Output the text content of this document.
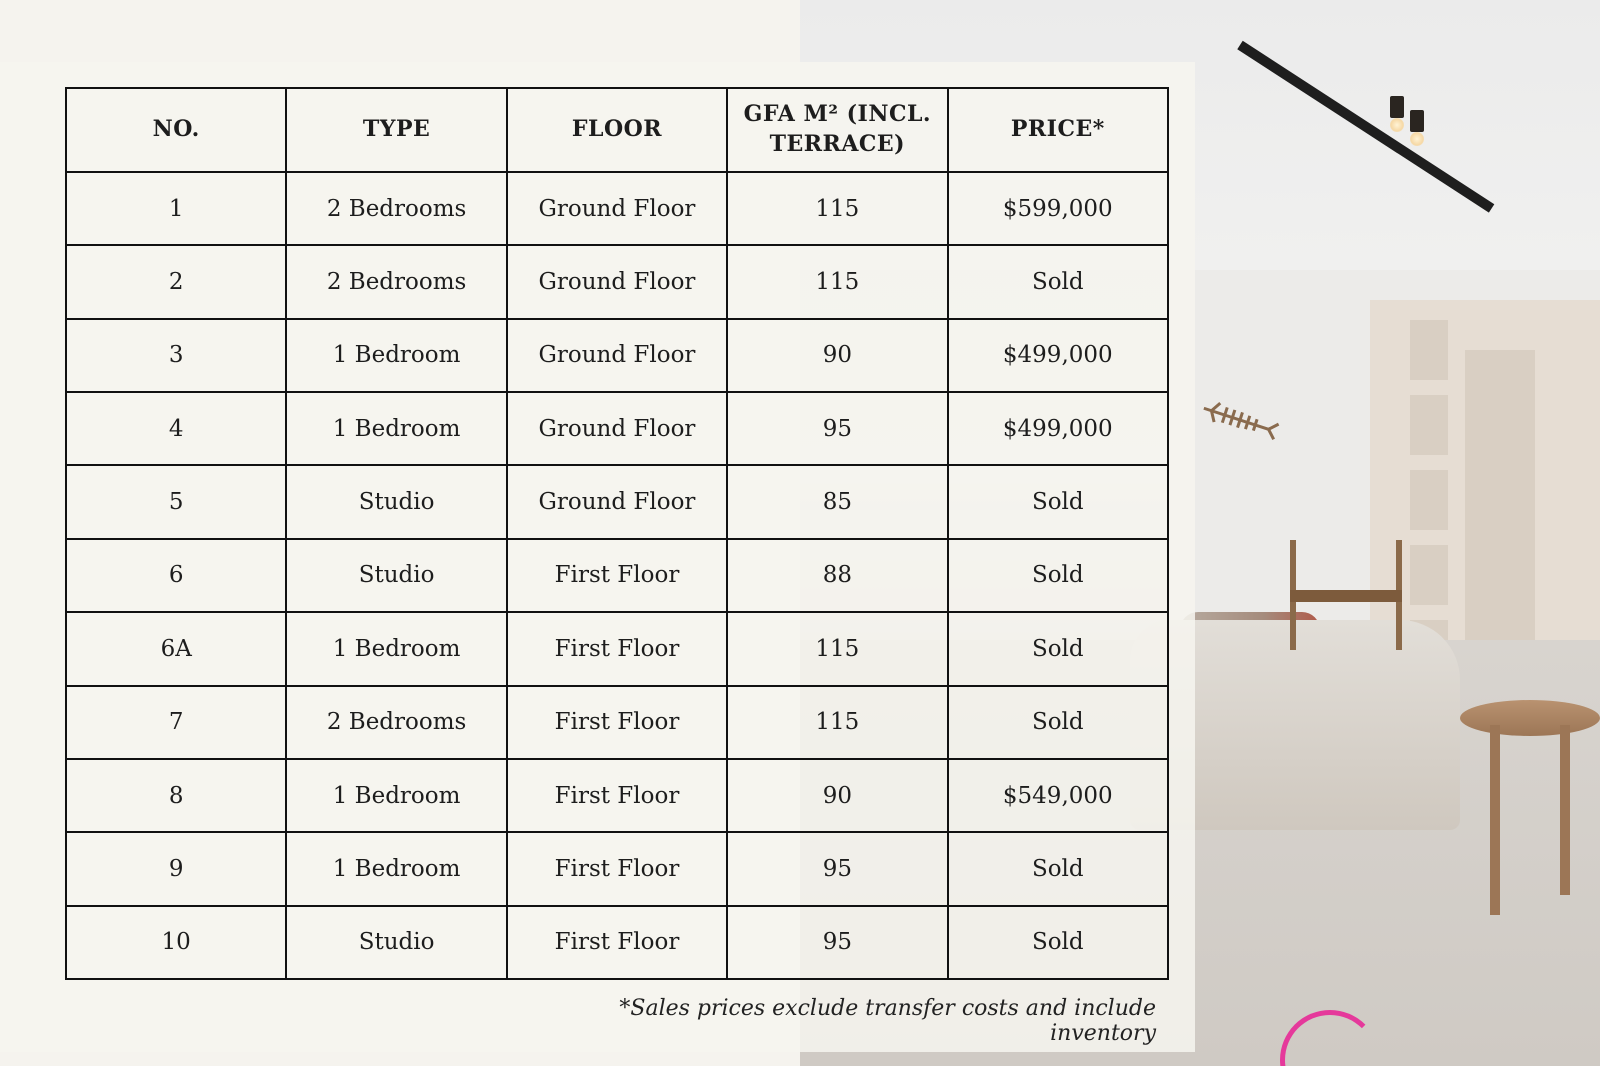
NO.	TYPE	FLOOR	GFA M² (INCL. TERRACE)	PRICE*
1	2 Bedrooms	Ground Floor	115	$599,000
2	2 Bedrooms	Ground Floor	115	Sold
3	1 Bedroom	Ground Floor	90	$499,000
4	1 Bedroom	Ground Floor	95	$499,000
5	Studio	Ground Floor	85	Sold
6	Studio	First Floor	88	Sold
6A	1 Bedroom	First Floor	115	Sold
7	2 Bedrooms	First Floor	115	Sold
8	1 Bedroom	First Floor	90	$549,000
9	1 Bedroom	First Floor	95	Sold
10	Studio	First Floor	95	Sold
*Sales prices exclude transfer costs and include inventory
